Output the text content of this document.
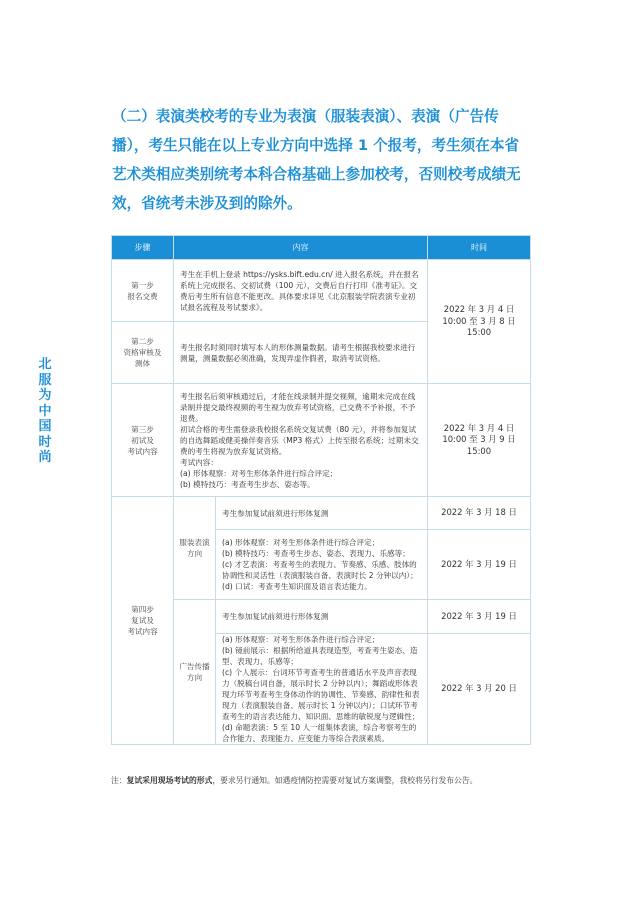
北
服
为
中
国
时
尚
（二）表演类校考的专业为表演（服装表演）、表演（广告传播），考生只能在以上专业方向中选择 1 个报考，考生须在本省艺术类相应类别统考本科合格基础上参加校考，否则校考成绩无效，省统考未涉及到的除外。
步骤	内容		时间

第一步
报名交费	考生在手机上登录 https://ysks.bift.edu.cn/ 进入报名系统，并在报名系统上完成报名、交初试费（100 元），交费后自行打印《准考证》。交费后考生所有信息不能更改。具体要求详见《北京服装学院表演专业初试报名流程及考试要求》。		2022 年 3 月 4 日
10:00 至 3 月 8 日
15:00

第二步
资格审核及
测体	考生报名时须同时填写本人的形体测量数据。请考生根据我校要求进行测量，测量数据必须准确，发现弄虚作假者，取消考试资格。		

第三步
初试及
考试内容	考生报名后须审核通过后，才能在线录制并提交视频，逾期未完成在线录制并提交最终视频的考生视为放弃考试资格，已交费不予补报，不予退费。
初试合格的考生需登录我校报名系统交复试费（80 元），并将参加复试的自选舞蹈或健美操伴奏音乐（MP3 格式）上传至报名系统；过期未交费的考生将视为放弃复试资格。
考试内容：
(a) 形体观察：对考生形体条件进行综合评定；
(b) 模特技巧：考查考生步态、姿态等。		2022 年 3 月 4 日
10:00 至 3 月 9 日
15:00

第四步
复试及
考试内容	服装表演
方向	考生参加复试前须进行形体复测	2022 年 3 月 18 日

		(a) 形体观察：对考生形体条件进行综合评定；
(b) 模特技巧：考查考生步态、姿态、表现力、乐感等；
(c) 才艺表演：考查考生的表现力、节奏感、乐感、肢体的协调性和灵活性（表演服装自备、表演时长 2 分钟以内）；
(d) 口试：考查考生知识面及语言表达能力。	2022 年 3 月 19 日

	广告传播
方向	考生参加复试前须进行形体复测	2022 年 3 月 19 日

		(a) 形体观察：对考生形体条件进行综合评定；
(b) 镜前展示：根据所给道具表现造型，考查考生姿态、造型、表现力、乐感等；
(c) 个人展示：台词环节考查考生的普通话水平及声音表现力（脱稿台词自备，展示时长 2 分钟以内）；舞蹈或形体表现力环节考查考生身体动作的协调性、节奏感、韵律性和表现力（表演服装自备、展示时长 1 分钟以内）；口试环节考查考生的语言表达能力、知识面、思维的敏锐度与逻辑性；
(d) 命题表演：5 至 10 人一组集体表演，综合考察考生的合作能力、表现能力、应变能力等综合表演素质。	2022 年 3 月 20 日
注：复试采用现场考试的形式，要求另行通知。如遇疫情防控需要对复试方案调整，我校将另行发布公告。
